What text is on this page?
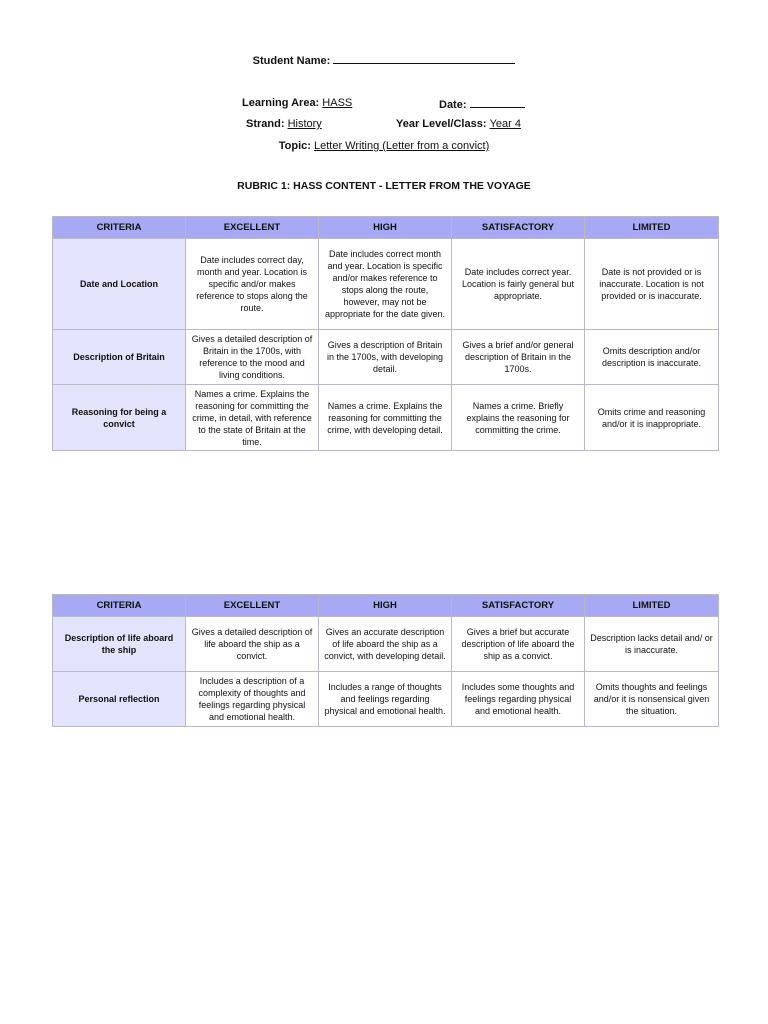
Student Name:
Learning Area: HASS	Date:
Strand: History	Year Level/Class: Year 4
Topic: Letter Writing (Letter from a convict)
RUBRIC 1: HASS CONTENT - LETTER FROM THE VOYAGE
CRITERIA	EXCELLENT	HIGH	SATISFACTORY	LIMITED
Date and Location	Date includes correct day, month and year. Location is specific and/or makes reference to stops along the route.	Date includes correct month and year. Location is specific and/or makes reference to stops along the route, however, may not be appropriate for the date given.	Date includes correct year. Location is fairly general but appropriate.	Date is not provided or is inaccurate. Location is not provided or is inaccurate.
Description of Britain	Gives a detailed description of Britain in the 1700s, with reference to the mood and living conditions.	Gives a description of Britain in the 1700s, with developing detail.	Gives a brief and/or general description of Britain in the 1700s.	Omits description and/or description is inaccurate.
Reasoning for being a convict	Names a crime. Explains the reasoning for committing the crime, in detail, with reference to the state of Britain at the time.	Names a crime. Explains the reasoning for committing the crime, with developing detail.	Names a crime. Briefly explains the reasoning for committing the crime.	Omits crime and reasoning and/or it is inappropriate.
CRITERIA	EXCELLENT	HIGH	SATISFACTORY	LIMITED
Description of life aboard the ship	Gives a detailed description of life aboard the ship as a convict.	Gives an accurate description of life aboard the ship as a convict, with developing detail.	Gives a brief but accurate description of life aboard the ship as a convict.	Description lacks detail and/ or is inaccurate.
Personal reflection	Includes a description of a complexity of thoughts and feelings regarding physical and emotional health.	Includes a range of thoughts and feelings regarding physical and emotional health.	Includes some thoughts and feelings regarding physical and emotional health.	Omits thoughts and feelings and/or it is nonsensical given the situation.
